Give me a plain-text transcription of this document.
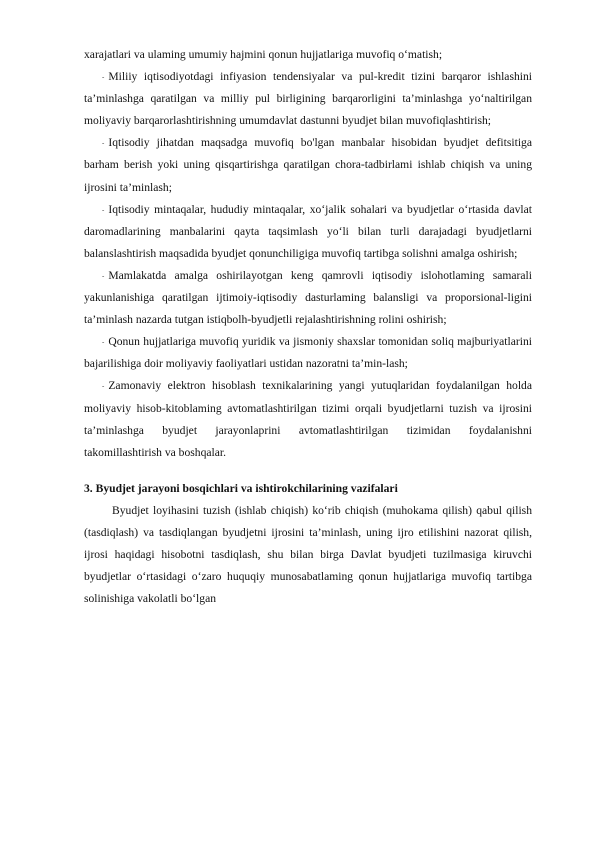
xarajatlari va ulaming umumiy hajmini qonun hujjatlariga muvofiq o‘matish;

- Miliiy iqtisodiyotdagi infiyasion tendensiyalar va pul-kredit tizini barqaror ishlashini ta’minlashga qaratilgan va milliy pul birligining barqarorligini ta’minlashga yo‘naltirilgan moliyaviy barqarorlashtirishning umumdavlat dastunni byudjet bilan muvofiqlashtirish;

- Iqtisodiy jihatdan maqsadga muvofiq bo'lgan manbalar hisobidan byudjet defitsitiga barham berish yoki uning qisqartirishga qaratilgan chora-tadbirlami ishlab chiqish va uning ijrosini ta’minlash;

- Iqtisodiy mintaqalar, hududiy mintaqalar, xo‘jalik sohalari va byudjetlar o‘rtasida davlat daromadlarining manbalarini qayta taqsimlash yo‘li bilan turli darajadagi byudjetlarni balanslashtirish maqsadida byudjet qonunchiligiga muvofiq tartibga solishni amalga oshirish;

- Mamlakatda amalga oshirilayotgan keng qamrovli iqtisodiy islohotlaming samarali yakunlanishiga qaratilgan ijtimoiy-iqtisodiy dasturlaming balansligi va proporsional-ligini ta’minlash nazarda tutgan istiqbolh-byudjetli rejalashtirishning rolini oshirish;

- Qonun hujjatlariga muvofiq yuridik va jismoniy shaxslar tomonidan soliq majburiyatlarini bajarilishiga doir moliyaviy faoliyatlari ustidan nazoratni ta’min-lash;

- Zamonaviy elektron hisoblash texnikalarining yangi yutuqlaridan foydalanilgan holda moliyaviy hisob-kitoblaming avtomatlashtirilgan tizimi orqali byudjetlarni tuzish va ijrosini ta’minlashga byudjet jarayonlaprini avtomatlashtirilgan tizimidan foydalanishni takomillashtirish va boshqalar.

3. Byudjet jarayoni bosqichlari va ishtirokchilarining vazifalari

Byudjet loyihasini tuzish (ishlab chiqish) ko‘rib chiqish (muhokama qilish) qabul qilish (tasdiqlash) va tasdiqlangan byudjetni ijrosini ta’minlash, uning ijro etilishini nazorat qilish, ijrosi haqidagi hisobotni tasdiqlash, shu bilan birga Davlat byudjeti tuzilmasiga kiruvchi byudjetlar o‘rtasidagi o‘zaro huquqiy munosabatlaming qonun hujjatlariga muvofiq tartibga solinishiga vakolatli bo‘lgan
